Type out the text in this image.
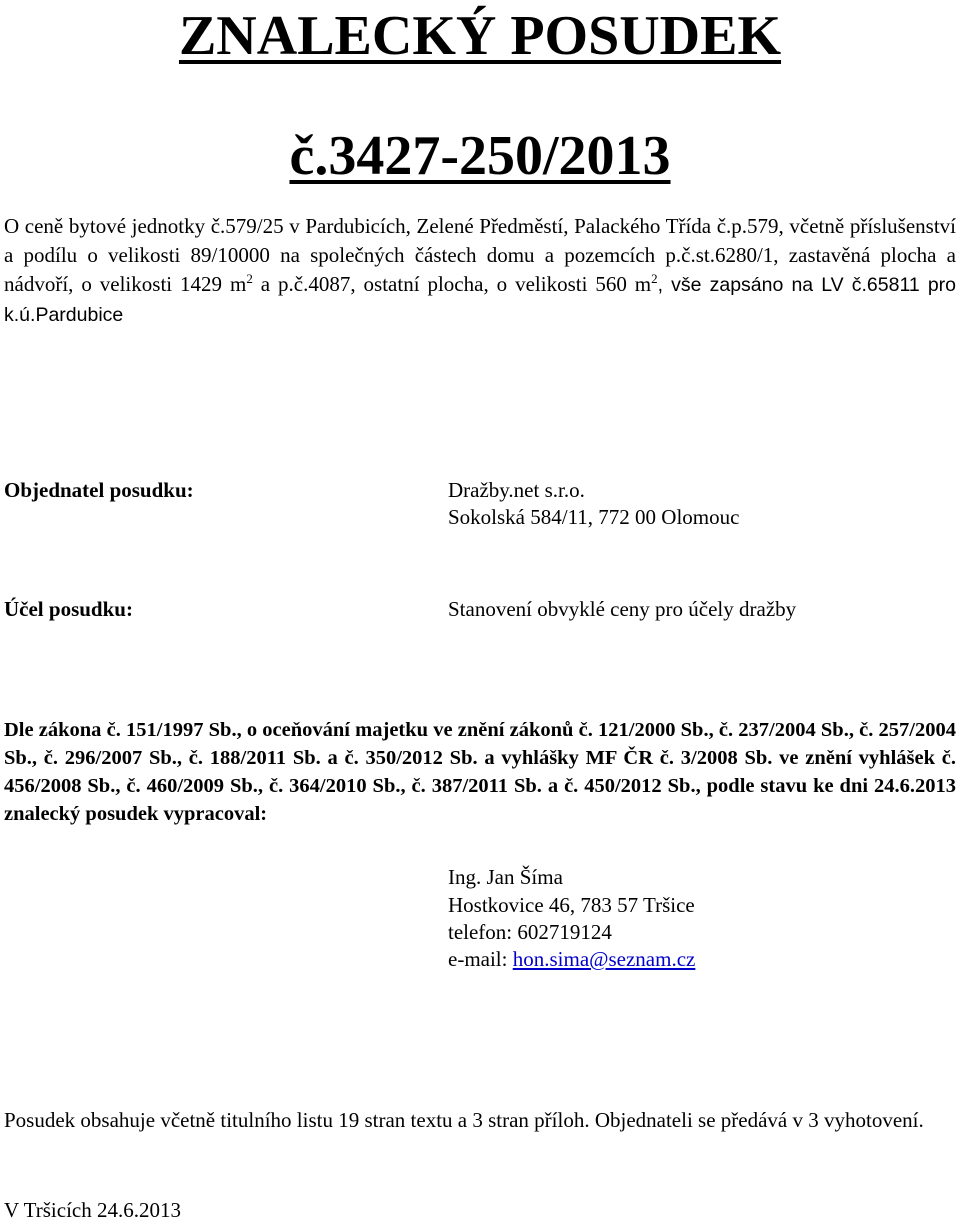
ZNALECKÝ POSUDEK
č.3427-250/2013
O ceně bytové jednotky č.579/25 v Pardubicích, Zelené Předměstí, Palackého Třída č.p.579, včetně příslušenství a podílu o velikosti 89/10000 na společných částech domu a pozemcích p.č.st.6280/1, zastavěná plocha a nádvoří, o velikosti 1429 $m^2$ a p.č.4087, ostatní plocha, o velikosti 560 $m^2$, vše zapsáno na LV č.65811 pro k.ú.Pardubice
Objednatel posudku:	Dražby.net s.r.o.
Sokolská 584/11, 772 00 Olomouc
Účel posudku:	Stanovení obvyklé ceny pro účely dražby
Dle zákona č. 151/1997 Sb., o oceňování majetku ve znění zákonů č. 121/2000 Sb., č. 237/2004 Sb., č. 257/2004 Sb., č. 296/2007 Sb., č. 188/2011 Sb. a č. 350/2012 Sb. a vyhlášky MF ČR č. 3/2008 Sb. ve znění vyhlášek č. 456/2008 Sb., č. 460/2009 Sb., č. 364/2010 Sb., č. 387/2011 Sb. a č. 450/2012 Sb., podle stavu ke dni 24.6.2013 znalecký posudek vypracoval:
Ing. Jan Šíma
Hostkovice 46, 783 57 Tršice
telefon: 602719124
e-mail: hon.sima@seznam.cz
Posudek obsahuje včetně titulního listu 19 stran textu a 3 stran příloh. Objednateli se předává v 3 vyhotovení.
V Tršicích 24.6.2013
